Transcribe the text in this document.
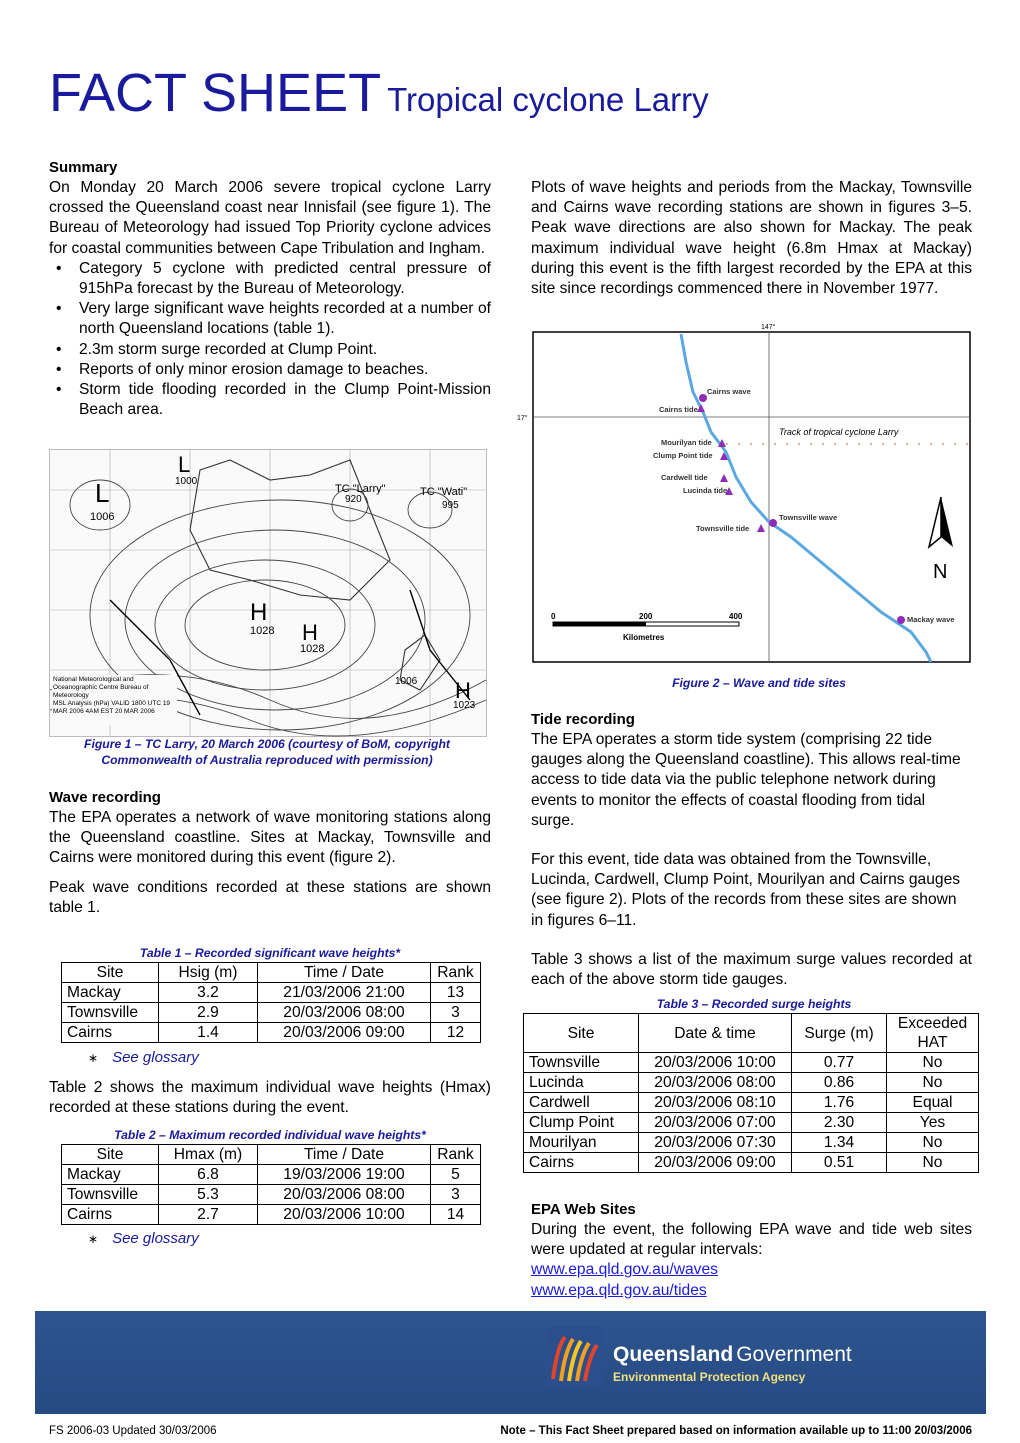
FACT SHEET Tropical cyclone Larry
Summary
On Monday 20 March 2006 severe tropical cyclone Larry crossed the Queensland coast near Innisfail (see figure 1). The Bureau of Meteorology had issued Top Priority cyclone advices for coastal communities between Cape Tribulation and Ingham.
• Category 5 cyclone with predicted central pressure of 915hPa forecast by the Bureau of Meteorology.
• Very large significant wave heights recorded at a number of north Queensland locations (table 1).
• 2.3m storm surge recorded at Clump Point.
• Reports of only minor erosion damage to beaches.
• Storm tide flooding recorded in the Clump Point-Mission Beach area.
L
1006
L
1000
TC "Larry"
920
TC "Wati"
995
H
1028 H
1028
H
1023
1006
National Meteorological and Oceanographic Centre Bureau of Meteorology
MSL Analysis (hPa) VALID 1800 UTC 19 MAR 2006 4AM EST 20 MAR 2006
Figure 1 – TC Larry, 20 March 2006 (courtesy of BoM, copyright Commonwealth of Australia reproduced with permission)
Wave recording
The EPA operates a network of wave monitoring stations along the Queensland coastline. Sites at Mackay, Townsville and Cairns were monitored during this event (figure 2).
Peak wave conditions recorded at these stations are shown table 1.
Table 1 – Recorded significant wave heights*
Site	Hsig (m)	Time / Date	Rank
Mackay	3.2	21/03/2006 21:00	13
Townsville	2.9	20/03/2006 08:00	3
Cairns	1.4	20/03/2006 09:00	12
∗ See glossary
Table 2 shows the maximum individual wave heights (Hmax) recorded at these stations during the event.
Table 2 – Maximum recorded individual wave heights*
Site	Hmax (m)	Time / Date	Rank
Mackay	6.8	19/03/2006 19:00	5
Townsville	5.3	20/03/2006 08:00	3
Cairns	2.7	20/03/2006 10:00	14
∗ See glossary
Plots of wave heights and periods from the Mackay, Townsville and Cairns wave recording stations are shown in figures 3–5. Peak wave directions are also shown for Mackay. The peak maximum individual wave height (6.8m Hmax at Mackay) during this event is the fifth largest recorded by the EPA at this site since recordings commenced there in November 1977.
147°
17°
Track of tropical cyclone Larry
Cairns wave
Cairns tide
Mourilyan tide
Clump Point tide
Cardwell tide
Lucinda tide
Townsville wave
Townsville tide
Mackay wave
N
0	200	400
Kilometres
Figure 2 – Wave and tide sites
Tide recording
The EPA operates a storm tide system (comprising 22 tide gauges along the Queensland coastline). This allows real-time access to tide data via the public telephone network during events to monitor the effects of coastal flooding from tidal surge.
For this event, tide data was obtained from the Townsville, Lucinda, Cardwell, Clump Point, Mourilyan and Cairns gauges (see figure 2). Plots of the records from these sites are shown in figures 6–11.
Table 3 shows a list of the maximum surge values recorded at each of the above storm tide gauges.
Table 3 – Recorded surge heights
Site	Date & time	Surge (m)	Exceeded HAT
Townsville	20/03/2006 10:00	0.77	No
Lucinda	20/03/2006 08:00	0.86	No
Cardwell	20/03/2006 08:10	1.76	Equal
Clump Point	20/03/2006 07:00	2.30	Yes
Mourilyan	20/03/2006 07:30	1.34	No
Cairns	20/03/2006 09:00	0.51	No
EPA Web Sites
During the event, the following EPA wave and tide web sites were updated at regular intervals:
www.epa.qld.gov.au/waves
www.epa.qld.gov.au/tides
Queensland Government
Environmental Protection Agency
FS 2006-03 Updated 30/03/2006	Note – This Fact Sheet prepared based on information available up to 11:00 20/03/2006
